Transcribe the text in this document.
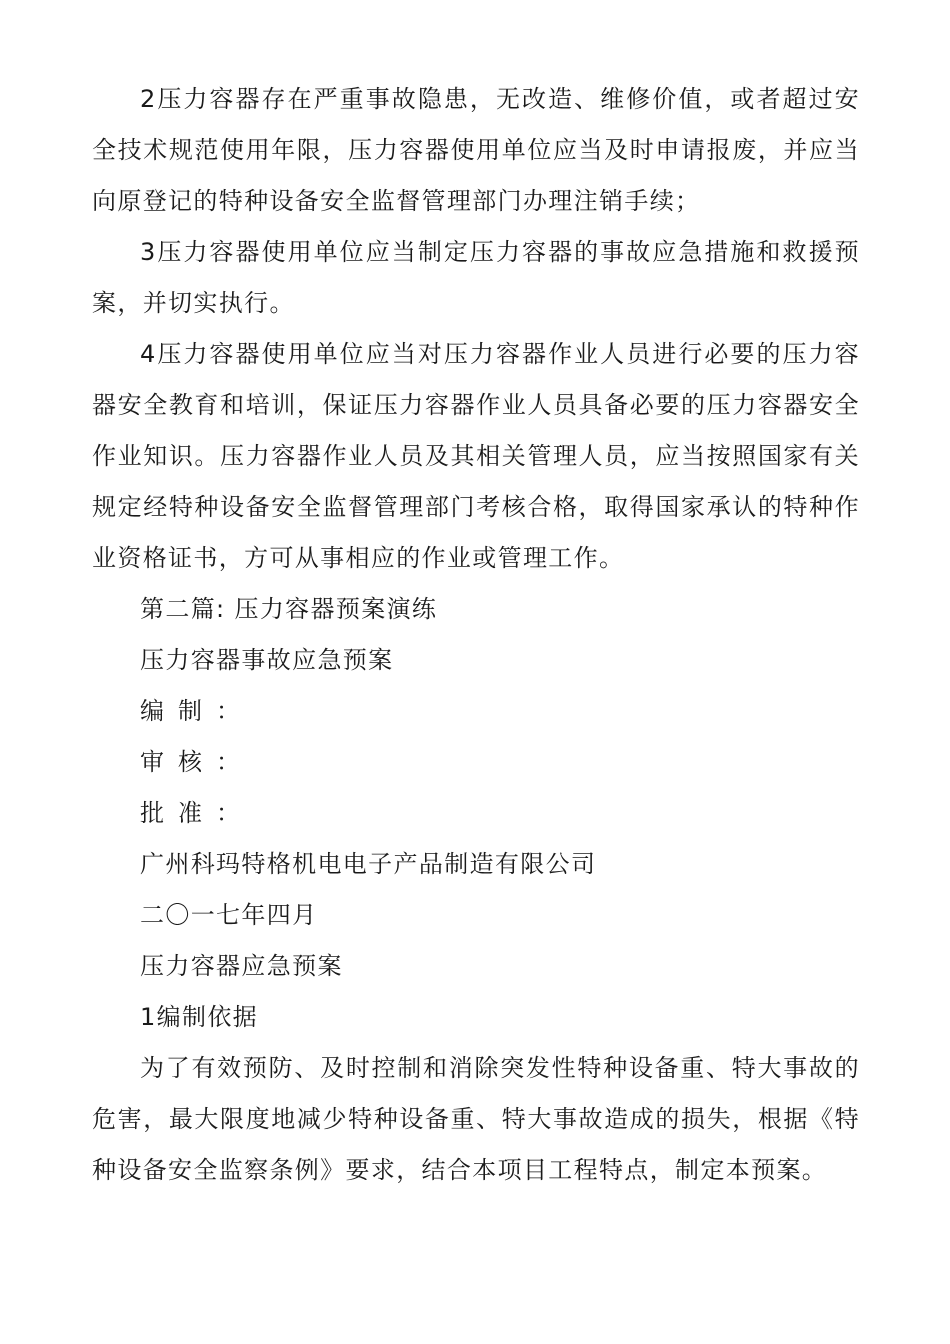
2压力容器存在严重事故隐患，无改造、维修价值，或者超过安全技术规范使用年限，压力容器使用单位应当及时申请报废，并应当向原登记的特种设备安全监督管理部门办理注销手续；

3压力容器使用单位应当制定压力容器的事故应急措施和救援预案，并切实执行。

4压力容器使用单位应当对压力容器作业人员进行必要的压力容器安全教育和培训，保证压力容器作业人员具备必要的压力容器安全作业知识。压力容器作业人员及其相关管理人员，应当按照国家有关规定经特种设备安全监督管理部门考核合格，取得国家承认的特种作业资格证书，方可从事相应的作业或管理工作。

第二篇: 压力容器预案演练

压力容器事故应急预案

编制：

审核：

批准：

广州科玛特格机电电子产品制造有限公司

二〇一七年四月

压力容器应急预案

1编制依据

为了有效预防、及时控制和消除突发性特种设备重、特大事故的危害，最大限度地减少特种设备重、特大事故造成的损失，根据《特种设备安全监察条例》要求，结合本项目工程特点，制定本预案。
